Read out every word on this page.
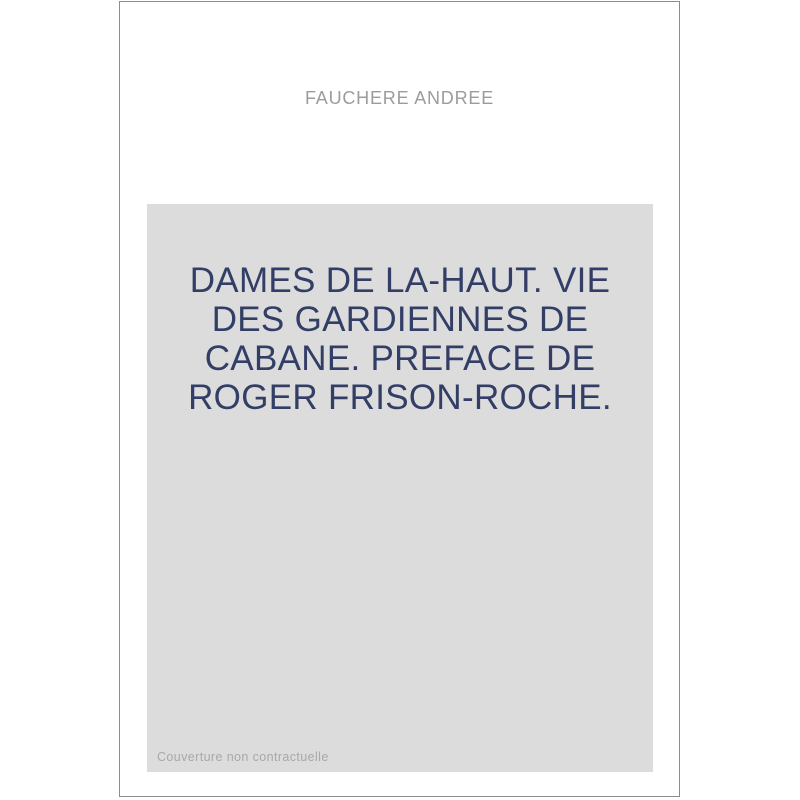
FAUCHERE ANDREE
DAMES DE LA-HAUT. VIE
DES GARDIENNES DE
CABANE. PREFACE DE
ROGER FRISON-ROCHE.
Couverture non contractuelle
